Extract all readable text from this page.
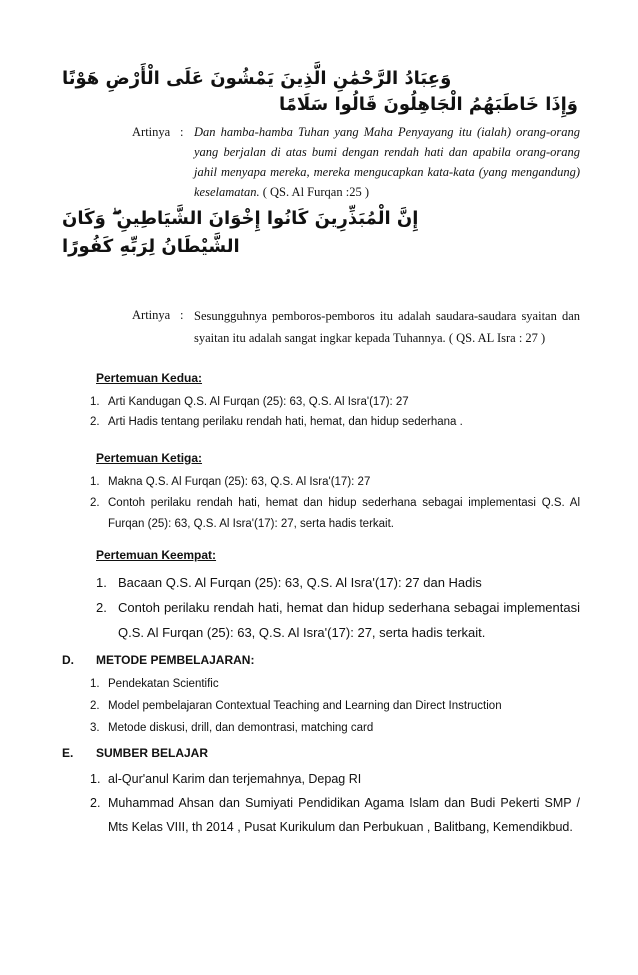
وَعِبَادُ الرَّحْمَٰنِ الَّذِينَ يَمْشُونَ عَلَى الْأَرْضِ هَوْنًا
وَإِذَا خَاطَبَهُمُ الْجَاهِلُونَ قَالُوا سَلَامًا
Artinya : Dan hamba-hamba Tuhan yang Maha Penyayang itu (ialah) orang-orang yang berjalan di atas bumi dengan rendah hati dan apabila orang-orang jahil menyapa mereka, mereka mengucapkan kata-kata (yang mengandung) keselamatan. ( QS. Al Furqan :25 )
إِنَّ الْمُبَذِّرِينَ كَانُوا إِخْوَانَ الشَّيَاطِينِ ۖ وَكَانَ
الشَّيْطَانُ لِرَبِّهِ كَفُورًا
Artinya : Sesungguhnya pemboros-pemboros itu adalah saudara-saudara syaitan dan syaitan itu adalah sangat ingkar kepada Tuhannya. ( QS. AL Isra : 27 )
Pertemuan Kedua:
1. Arti Kandugan Q.S. Al Furqan (25): 63, Q.S. Al Isra'(17): 27
2. Arti Hadis tentang perilaku rendah hati, hemat, dan hidup sederhana .
Pertemuan Ketiga:
1. Makna Q.S. Al Furqan (25): 63, Q.S. Al Isra'(17): 27
2. Contoh perilaku rendah hati, hemat dan hidup sederhana sebagai implementasi Q.S. Al Furqan (25): 63, Q.S. Al Isra'(17): 27, serta hadis terkait.
Pertemuan Keempat:
1. Bacaan Q.S. Al Furqan (25): 63, Q.S. Al Isra'(17): 27 dan Hadis
2. Contoh perilaku rendah hati, hemat dan hidup sederhana sebagai implementasi Q.S. Al Furqan (25): 63, Q.S. Al Isra'(17): 27, serta hadis terkait.
D. METODE PEMBELAJARAN:
1. Pendekatan Scientific
2. Model pembelajaran Contextual Teaching and Learning dan Direct Instruction
3. Metode diskusi, drill, dan demontrasi, matching card
E. SUMBER BELAJAR
1. al-Qur'anul Karim dan terjemahnya, Depag RI
2. Muhammad Ahsan dan Sumiyati Pendidikan Agama Islam dan Budi Pekerti SMP / Mts Kelas VIII, th 2014 , Pusat Kurikulum dan Perbukuan , Balitbang, Kemendikbud.
